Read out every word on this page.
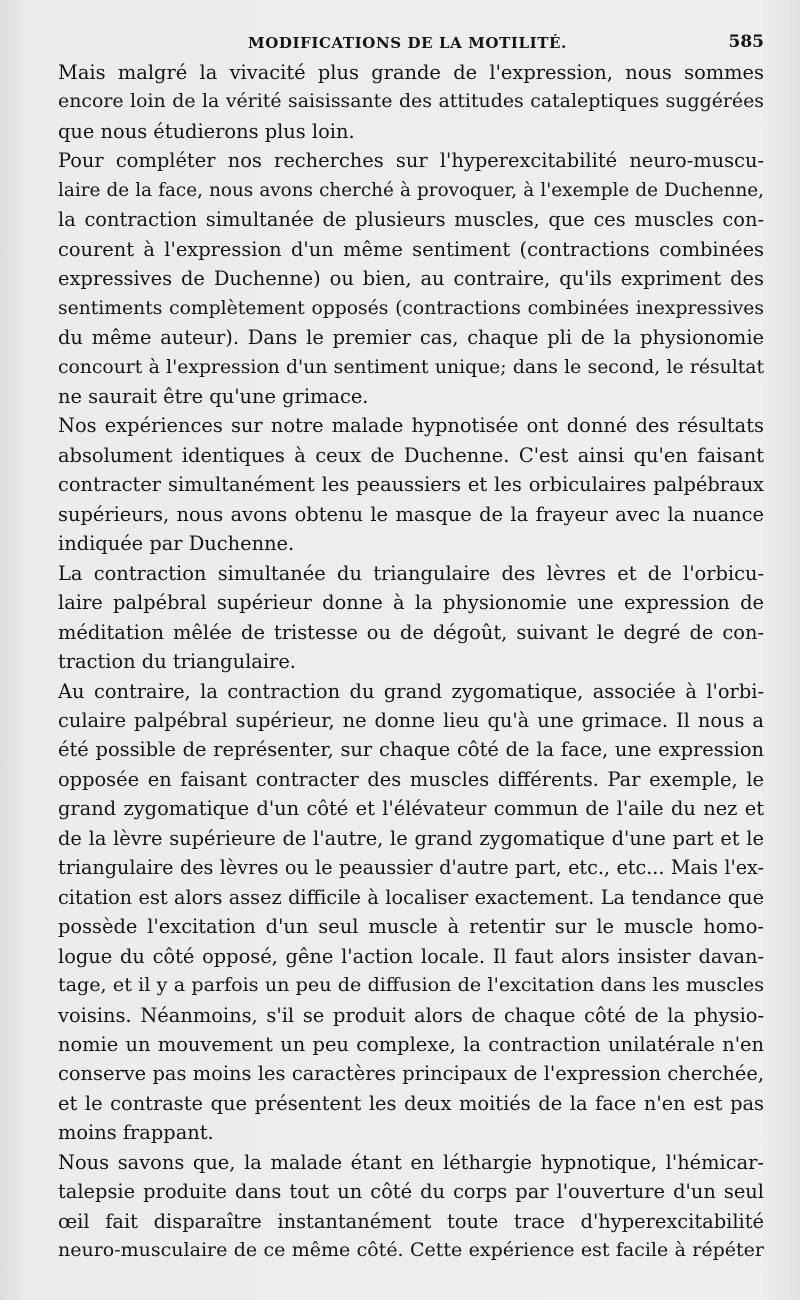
MODIFICATIONS DE LA MOTILITÉ.	585

Mais malgré la vivacité plus grande de l'expression, nous sommes
encore loin de la vérité saisissante des attitudes cataleptiques suggérées
que nous étudierons plus loin.

Pour compléter nos recherches sur l'hyperexcitabilité neuro-muscu-
laire de la face, nous avons cherché à provoquer, à l'exemple de Duchenne,
la contraction simultanée de plusieurs muscles, que ces muscles con-
courent à l'expression d'un même sentiment (contractions combinées
expressives de Duchenne) ou bien, au contraire, qu'ils expriment des
sentiments complètement opposés (contractions combinées inexpressives
du même auteur). Dans le premier cas, chaque pli de la physionomie
concourt à l'expression d'un sentiment unique; dans le second, le résultat
ne saurait être qu'une grimace.

Nos expériences sur notre malade hypnotisée ont donné des résultats
absolument identiques à ceux de Duchenne. C'est ainsi qu'en faisant
contracter simultanément les peaussiers et les orbiculaires palpébraux
supérieurs, nous avons obtenu le masque de la frayeur avec la nuance
indiquée par Duchenne.

La contraction simultanée du triangulaire des lèvres et de l'orbicu-
laire palpébral supérieur donne à la physionomie une expression de
méditation mêlée de tristesse ou de dégoût, suivant le degré de con-
traction du triangulaire.

Au contraire, la contraction du grand zygomatique, associée à l'orbi-
culaire palpébral supérieur, ne donne lieu qu'à une grimace. Il nous a
été possible de représenter, sur chaque côté de la face, une expression
opposée en faisant contracter des muscles différents. Par exemple, le
grand zygomatique d'un côté et l'élévateur commun de l'aile du nez et
de la lèvre supérieure de l'autre, le grand zygomatique d'une part et le
triangulaire des lèvres ou le peaussier d'autre part, etc., etc... Mais l'ex-
citation est alors assez difficile à localiser exactement. La tendance que
possède l'excitation d'un seul muscle à retentir sur le muscle homo-
logue du côté opposé, gêne l'action locale. Il faut alors insister davan-
tage, et il y a parfois un peu de diffusion de l'excitation dans les muscles
voisins. Néanmoins, s'il se produit alors de chaque côté de la physio-
nomie un mouvement un peu complexe, la contraction unilatérale n'en
conserve pas moins les caractères principaux de l'expression cherchée,
et le contraste que présentent les deux moitiés de la face n'en est pas
moins frappant.

Nous savons que, la malade étant en léthargie hypnotique, l'hémicar-
talepsie produite dans tout un côté du corps par l'ouverture d'un seul
œil fait disparaître instantanément toute trace d'hyperexcitabilité
neuro-musculaire de ce même côté. Cette expérience est facile à répéter
